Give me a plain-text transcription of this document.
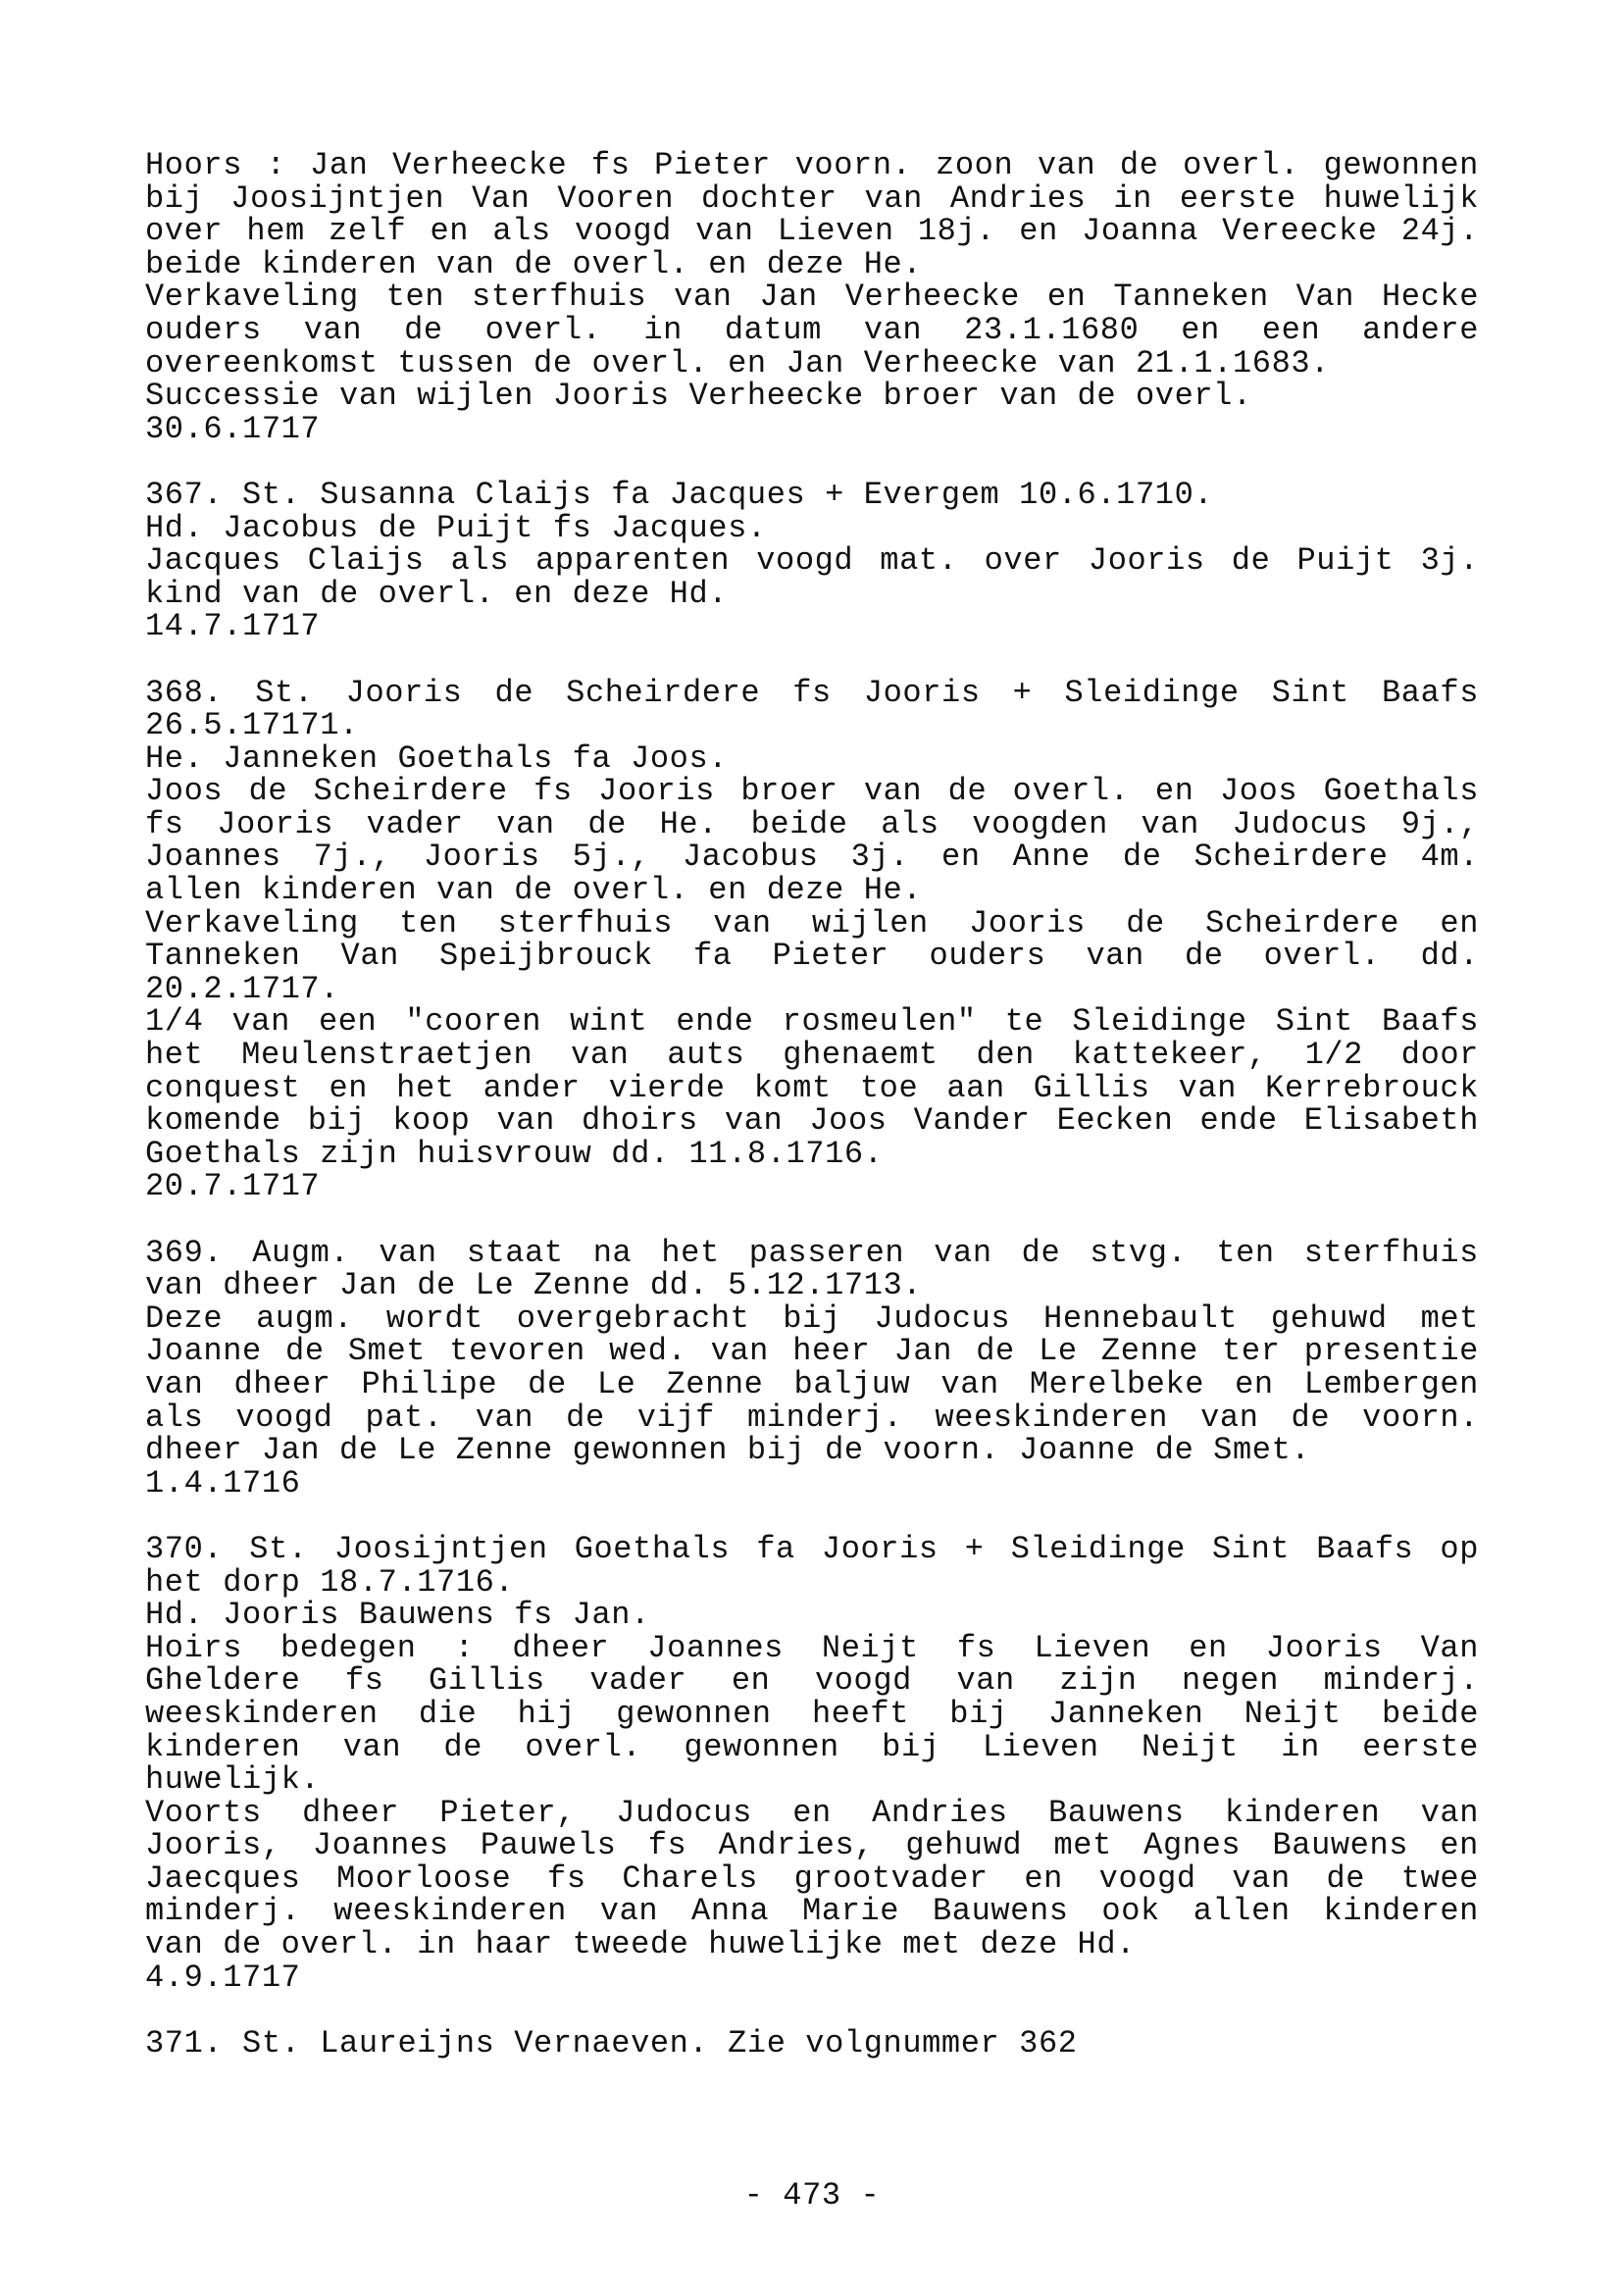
Hoors : Jan Verheecke fs Pieter voorn. zoon van de overl. gewonnen
bij Joosijntjen Van Vooren dochter van Andries in eerste huwelijk
over hem zelf en als voogd van Lieven 18j. en Joanna Vereecke 24j.
beide kinderen van de overl. en deze He.
Verkaveling ten sterfhuis van Jan Verheecke en Tanneken Van Hecke
ouders van de overl. in datum van 23.1.1680 en een andere
overeenkomst tussen de overl. en Jan Verheecke van 21.1.1683.
Successie van wijlen Jooris Verheecke broer van de overl.
30.6.1717
367. St. Susanna Claijs fa Jacques + Evergem 10.6.1710.
Hd. Jacobus de Puijt fs Jacques.
Jacques Claijs als apparenten voogd mat. over Jooris de Puijt 3j.
kind van de overl. en deze Hd.
14.7.1717
368. St. Jooris de Scheirdere fs Jooris + Sleidinge Sint Baafs
26.5.17171.
He. Janneken Goethals fa Joos.
Joos de Scheirdere fs Jooris broer van de overl. en Joos Goethals
fs Jooris vader van de He. beide als voogden van Judocus 9j.,
Joannes 7j., Jooris 5j., Jacobus 3j. en Anne de Scheirdere 4m.
allen kinderen van de overl. en deze He.
Verkaveling ten sterfhuis van wijlen Jooris de Scheirdere en
Tanneken Van Speijbrouck fa Pieter ouders van de overl. dd.
20.2.1717.
1/4 van een "cooren wint ende rosmeulen" te Sleidinge Sint Baafs
het Meulenstraetjen van auts ghenaemt den kattekeer, 1/2 door
conquest en het ander vierde komt toe aan Gillis van Kerrebrouck
komende bij koop van dhoirs van Joos Vander Eecken ende Elisabeth
Goethals zijn huisvrouw dd. 11.8.1716.
20.7.1717
369. Augm. van staat na het passeren van de stvg. ten sterfhuis
van dheer Jan de Le Zenne dd. 5.12.1713.
Deze augm. wordt overgebracht bij Judocus Hennebault gehuwd met
Joanne de Smet tevoren wed. van heer Jan de Le Zenne ter presentie
van dheer Philipe de Le Zenne baljuw van Merelbeke en Lembergen
als voogd pat. van de vijf minderj. weeskinderen van de voorn.
dheer Jan de Le Zenne gewonnen bij de voorn. Joanne de Smet.
1.4.1716
370. St. Joosijntjen Goethals fa Jooris + Sleidinge Sint Baafs op
het dorp 18.7.1716.
Hd. Jooris Bauwens fs Jan.
Hoirs bedegen : dheer Joannes Neijt fs Lieven en Jooris Van
Gheldere fs Gillis vader en voogd van zijn negen minderj.
weeskinderen die hij gewonnen heeft bij Janneken Neijt beide
kinderen van de overl. gewonnen bij Lieven Neijt in eerste
huwelijk.
Voorts dheer Pieter, Judocus en Andries Bauwens kinderen van
Jooris, Joannes Pauwels fs Andries, gehuwd met Agnes Bauwens en
Jaecques Moorloose fs Charels grootvader en voogd van de twee
minderj. weeskinderen van Anna Marie Bauwens ook allen kinderen
van de overl. in haar tweede huwelijke met deze Hd.
4.9.1717
371. St. Laureijns Vernaeven. Zie volgnummer 362
- 473 -
